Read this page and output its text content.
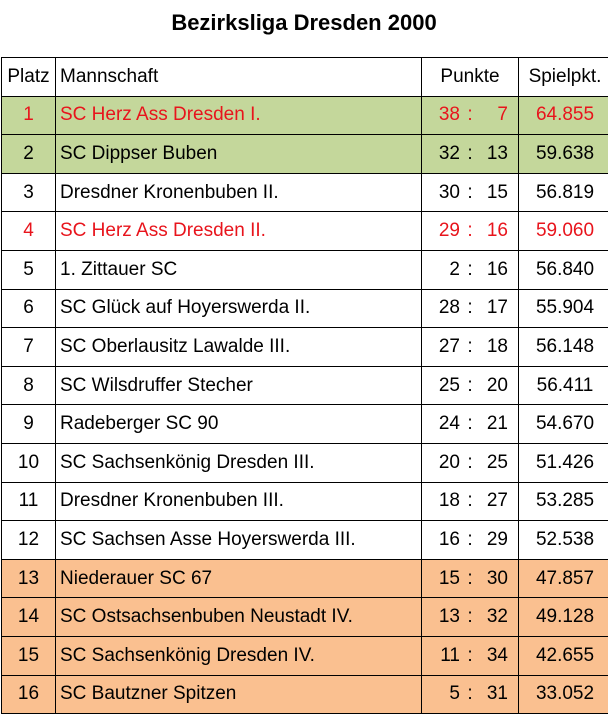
Bezirksliga Dresden 2000
Platz	Mannschaft	Punkte	Spielpkt.
1	SC Herz Ass Dresden I.	38 : 7	64.855
2	SC Dippser Buben	32 : 13	59.638
3	Dresdner Kronenbuben II.	30 : 15	56.819
4	SC Herz Ass Dresden II.	29 : 16	59.060
5	1. Zittauer SC	2 : 16	56.840
6	SC Glück auf Hoyerswerda II.	28 : 17	55.904
7	SC Oberlausitz Lawalde III.	27 : 18	56.148
8	SC Wilsdruffer Stecher	25 : 20	56.411
9	Radeberger SC 90	24 : 21	54.670
10	SC Sachsenkönig Dresden III.	20 : 25	51.426
11	Dresdner Kronenbuben III.	18 : 27	53.285
12	SC Sachsen Asse Hoyerswerda III.	16 : 29	52.538
13	Niederauer SC 67	15 : 30	47.857
14	SC Ostsachsenbuben Neustadt IV.	13 : 32	49.128
15	SC Sachsenkönig Dresden IV.	11 : 34	42.655
16	SC Bautzner Spitzen	5 : 31	33.052
